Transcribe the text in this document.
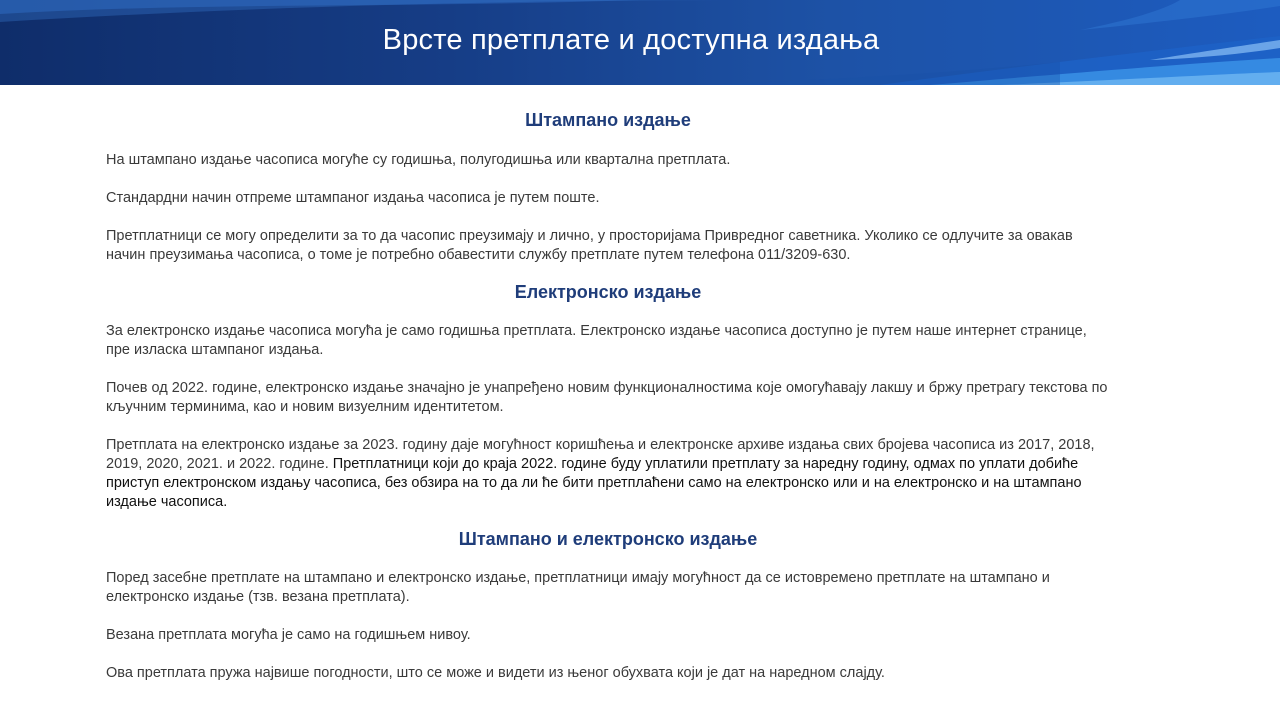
Врсте претплате и доступна издања
Штампано издање

На штампано издање часописа могуће су годишња, полугодишња или квартална претплата.

Стандардни начин отпреме штампаног издања часописа је путем поште.

Претплатници се могу определити за то да часопис преузимају и лично, у просторијама Привредног саветника. Уколико се одлучите за овакав начин преузимања часописа, о томе је потребно обавестити службу претплате путем телефона 011/3209-630.

Електронско издање

За електронско издање часописа могућа је само годишња претплата. Електронско издање часописа доступно је путем наше интернет странице, пре изласка штампаног издања.

Почев од 2022. године, електронско издање значајно је унапређено новим функционалностима које омогућавају лакшу и бржу претрагу текстова по кључним терминима, као и новим визуелним идентитетом.

Претплата на електронско издање за 2023. годину даје могућност коришћења и електронске архиве издања свих бројева часописа из 2017, 2018, 2019, 2020, 2021. и 2022. године. Претплатници који до краја 2022. године буду уплатили претплату за наредну годину, одмах по уплати добиће приступ електронском издању часописа, без обзира на то да ли ће бити претплаћени само на електронско или и на електронско и на штампано издање часописа.

Штампано и електронско издање

Поред засебне претплате на штампано и електронско издање, претплатници имају могућност да се истовремено претплате на штампано и електронско издање (тзв. везана претплата).

Везана претплата могућа је само на годишњем нивоу.

Ова претплата пружа највише погодности, што се може и видети из њеног обухвата који је дат на наредном слајду.
